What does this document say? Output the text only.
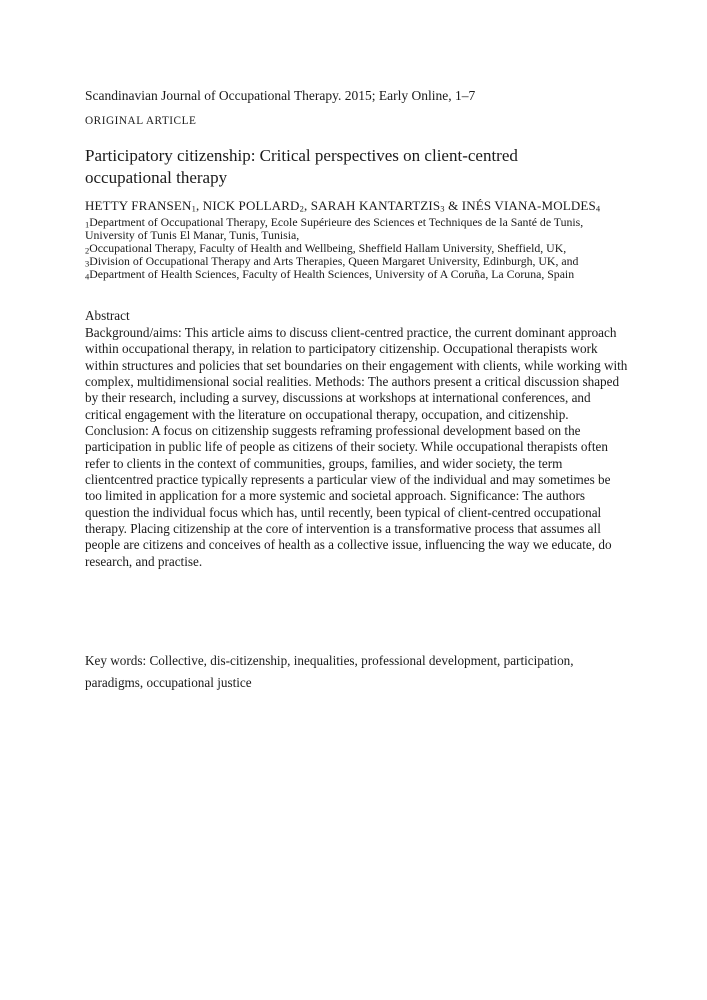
Scandinavian Journal of Occupational Therapy. 2015; Early Online, 1–7
ORIGINAL ARTICLE
Participatory citizenship: Critical perspectives on client-centred
occupational therapy
HETTY $FRANSEN_1$, NICK $POLLARD_2$, SARAH $KANTARTZIS_3$ & INÉS VIANA-$MOLDES_4$
$_1$Department of Occupational Therapy, Ecole Supérieure des Sciences et Techniques de la Santé de Tunis, University of Tunis El Manar, Tunis, Tunisia,
$_2$Occupational Therapy, Faculty of Health and Wellbeing, Sheffield Hallam University, Sheffield, UK,
$_3$Division of Occupational Therapy and Arts Therapies, Queen Margaret University, Edinburgh, UK, and
$_4$Department of Health Sciences, Faculty of Health Sciences, University of A Coruña, La Coruna, Spain
Abstract
Background/aims: This article aims to discuss client-centred practice, the current dominant approach within occupational therapy, in relation to participatory citizenship. Occupational therapists work within structures and policies that set boundaries on their engagement with clients, while working with complex, multidimensional social realities. Methods: The authors present a critical discussion shaped by their research, including a survey, discussions at workshops at international conferences, and critical engagement with the literature on occupational therapy, occupation, and citizenship. Conclusion: A focus on citizenship suggests reframing professional development based on the participation in public life of people as citizens of their society. While occupational therapists often refer to clients in the context of communities, groups, families, and wider society, the term clientcentred practice typically represents a particular view of the individual and may sometimes be too limited in application for a more systemic and societal approach. Significance: The authors question the individual focus which has, until recently, been typical of client-centred occupational therapy. Placing citizenship at the core of intervention is a transformative process that assumes all people are citizens and conceives of health as a collective issue, influencing the way we educate, do research, and practise.
Key words: Collective, dis-citizenship, inequalities, professional development, participation, paradigms, occupational justice
